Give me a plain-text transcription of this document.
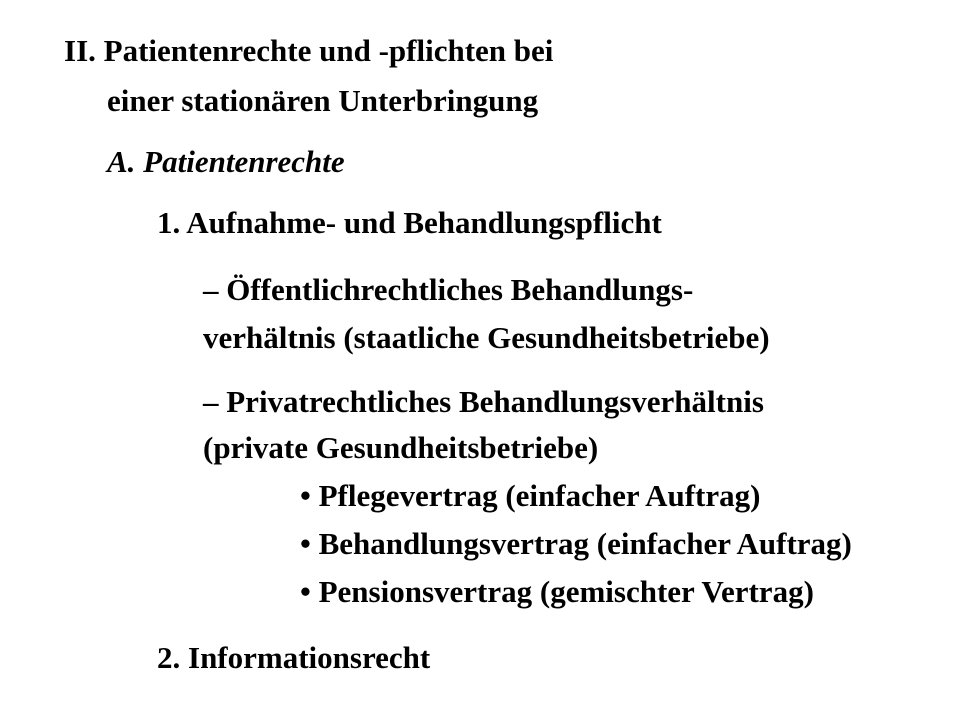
II. Patientenrechte und -pflichten bei
einer stationären Unterbringung
A. Patientenrechte
1. Aufnahme- und Behandlungspflicht
– Öffentlichrechtliches Behandlungs-
verhältnis (staatliche Gesundheitsbetriebe)
– Privatrechtliches Behandlungsverhältnis
(private Gesundheitsbetriebe)
• Pflegevertrag (einfacher Auftrag)
• Behandlungsvertrag (einfacher Auftrag)
• Pensionsvertrag (gemischter Vertrag)
2. Informationsrecht
